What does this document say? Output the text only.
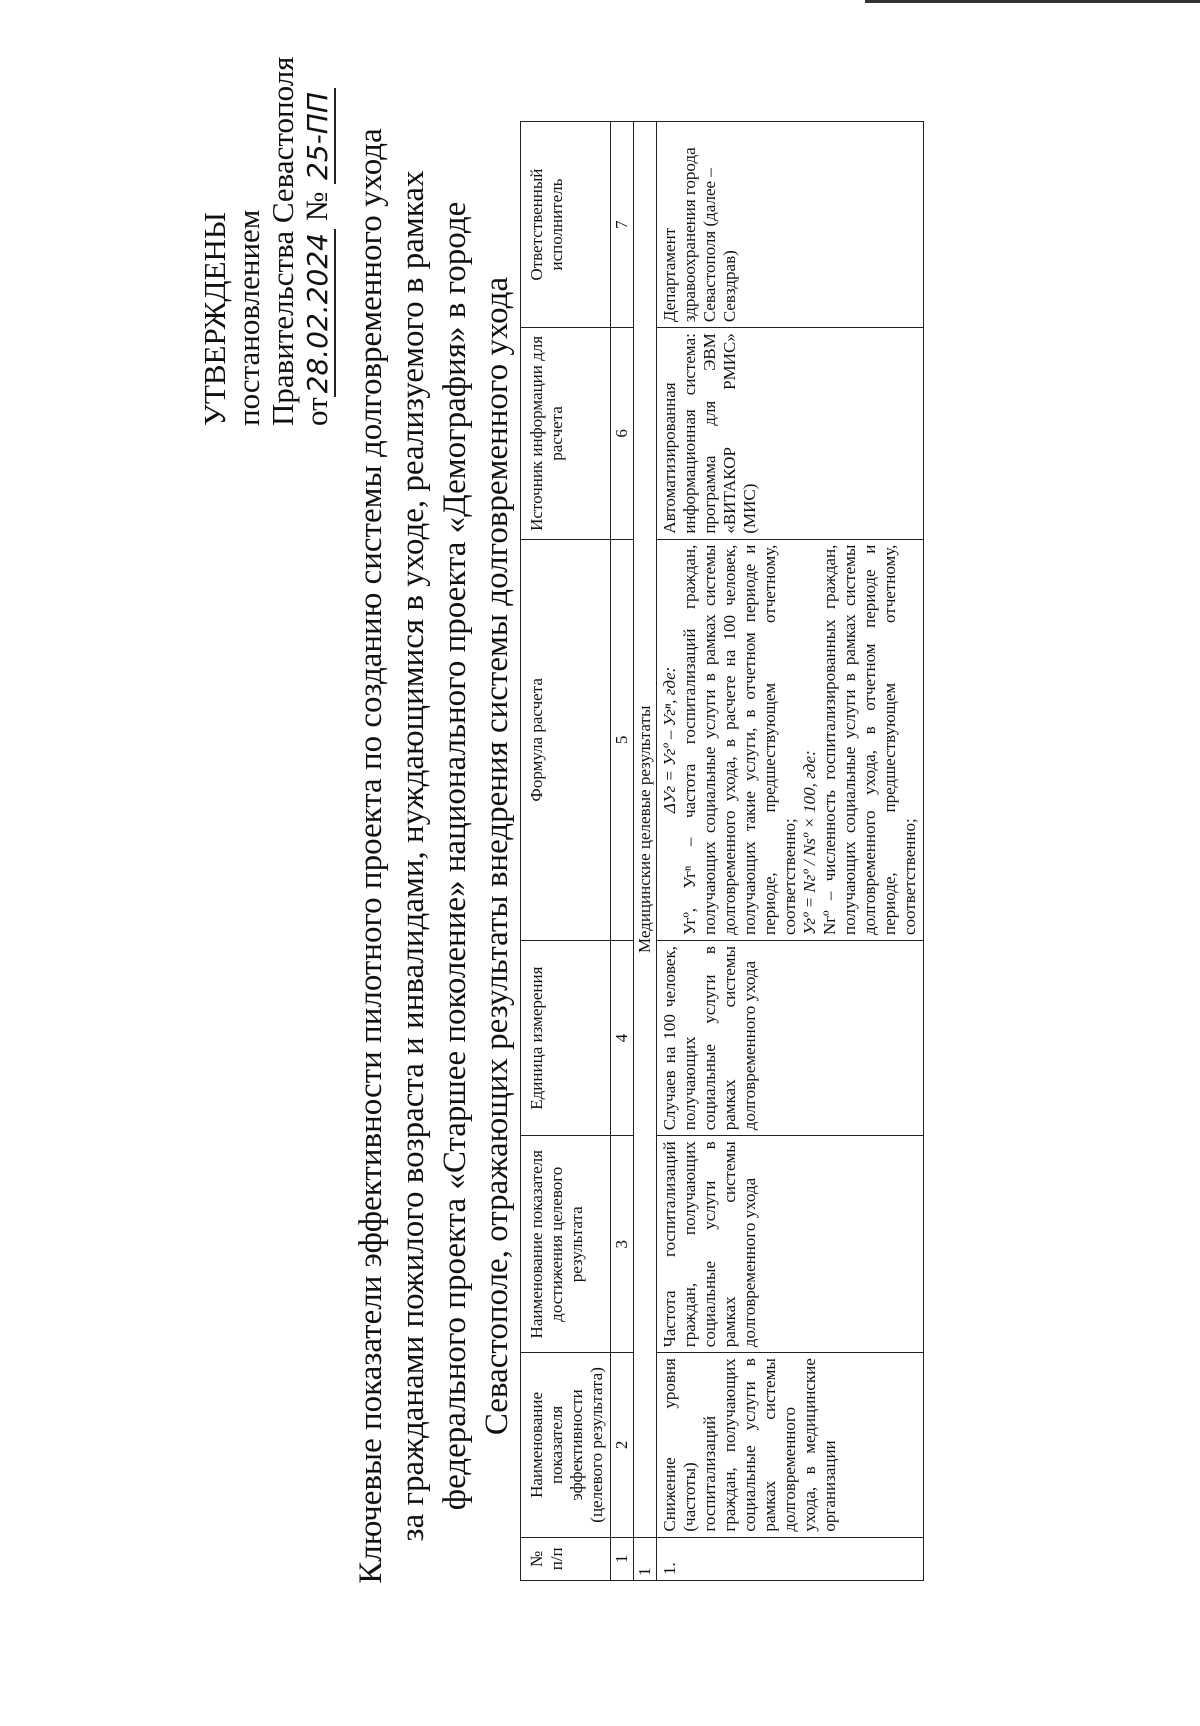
УТВЕРЖДЕНЫ постановлением Правительства Севастополя от28.02.2024 № 25-ПП Ключевые показатели эффективности пилотного проекта по созданию системы долговременного ухода за гражданами пожилого возраста и инвалидами, нуждающимися в уходе, реализуемого в рамках федерального проекта «Старшее поколение» национального проекта «Демография» в городе Севастополе, отражающих результаты внедрения системы долговременного ухода
№ п/п	Наименование показателя эффективности (целевого результата)	Наименование показателя достижения целевого результата	Единица измерения	Формула расчета	Источник информации для расчета	Ответственный исполнитель
1	2	3	4	5	6	7
1	Медицинские целевые результаты					
1.	Снижение уровня (частоты) госпитализаций граждан, получающих социальные услуги в рамках системы долговременного ухода, в медицинские организации	Частота госпитализаций граждан, получающих социальные услуги в рамках системы долговременного ухода	Случаев на 100 человек, получающих социальные услуги в рамках системы долговременного ухода	ΔУг = Угº – Угⁿ, где: Угº, Угⁿ – частота госпитализаций граждан, получающих социальные услуги в рамках системы долговременного ухода, в расчете на 100 человек, получающих такие услуги, в отчетном периоде и периоде, предшествующем отчетному, соответственно; Угº = Nгº / Nsº × 100, где: Nгº – численность госпитализированных граждан, получающих социальные услуги в рамках системы долговременного ухода, в отчетном периоде и периоде, предшествующем отчетному, соответственно;	Автоматизированная информационная система: программа для ЭВМ «ВИТАКОР РМИС» (МИС)	Департамент здравоохранения города Севастополя (далее – Севздрав)
